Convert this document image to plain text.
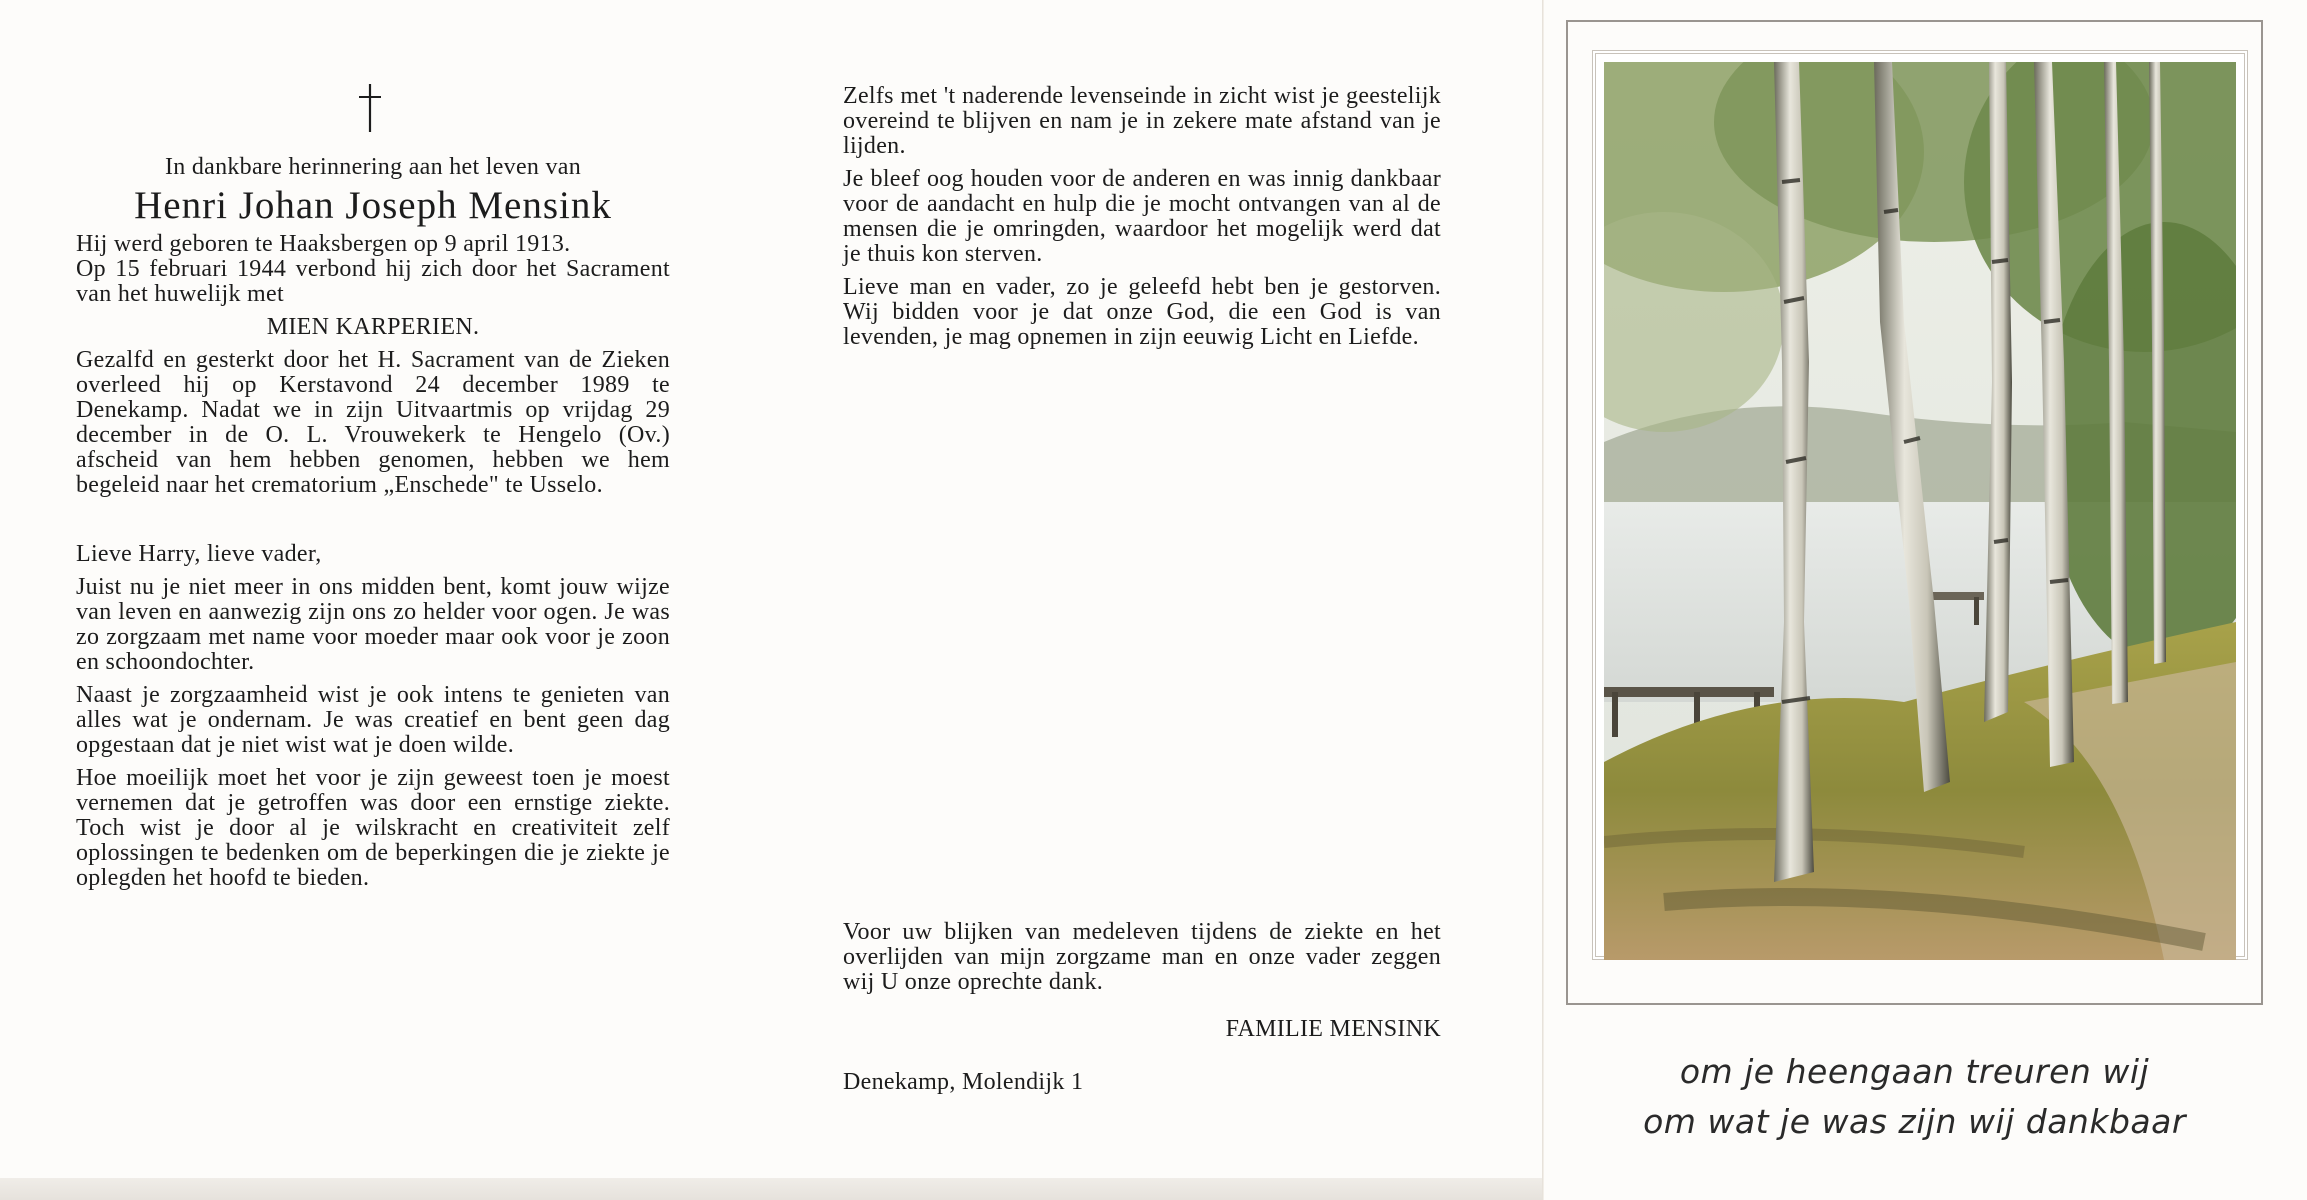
In dankbare herinnering aan het leven van

Henri Johan Joseph Mensink

Hij werd geboren te Haaksbergen op 9 april 1913.

Op 15 februari 1944 verbond hij zich door het Sacrament van het huwelijk met

MIEN KARPERIEN.

Gezalfd en gesterkt door het H. Sacrament van de Zieken overleed hij op Kerstavond 24 december 1989 te Denekamp. Nadat we in zijn Uitvaartmis op vrijdag 29 december in de O. L. Vrouwekerk te Hengelo (Ov.) afscheid van hem hebben genomen, hebben we hem begeleid naar het crematorium „Enschede" te Usselo.

Lieve Harry, lieve vader,

Juist nu je niet meer in ons midden bent, komt jouw wijze van leven en aanwezig zijn ons zo helder voor ogen. Je was zo zorgzaam met name voor moeder maar ook voor je zoon en schoondochter.

Naast je zorgzaamheid wist je ook intens te genieten van alles wat je ondernam. Je was creatief en bent geen dag opgestaan dat je niet wist wat je doen wilde.

Hoe moeilijk moet het voor je zijn geweest toen je moest vernemen dat je getroffen was door een ernstige ziekte. Toch wist je door al je wilskracht en creativiteit zelf oplossingen te bedenken om de beperkingen die je ziekte je oplegden het hoofd te bieden.

Zelfs met 't naderende levenseinde in zicht wist je geestelijk overeind te blijven en nam je in zekere mate afstand van je lijden.

Je bleef oog houden voor de anderen en was innig dankbaar voor de aandacht en hulp die je mocht ontvangen van al de mensen die je omringden, waardoor het mogelijk werd dat je thuis kon sterven.

Lieve man en vader, zo je geleefd hebt ben je gestorven. Wij bidden voor je dat onze God, die een God is van levenden, je mag opnemen in zijn eeuwig Licht en Liefde.

Voor uw blijken van medeleven tijdens de ziekte en het overlijden van mijn zorgzame man en onze vader zeggen wij U onze oprechte dank.

FAMILIE MENSINK

Denekamp, Molendijk 1	om je heengaan treuren wij

om wat je was zijn wij dankbaar
